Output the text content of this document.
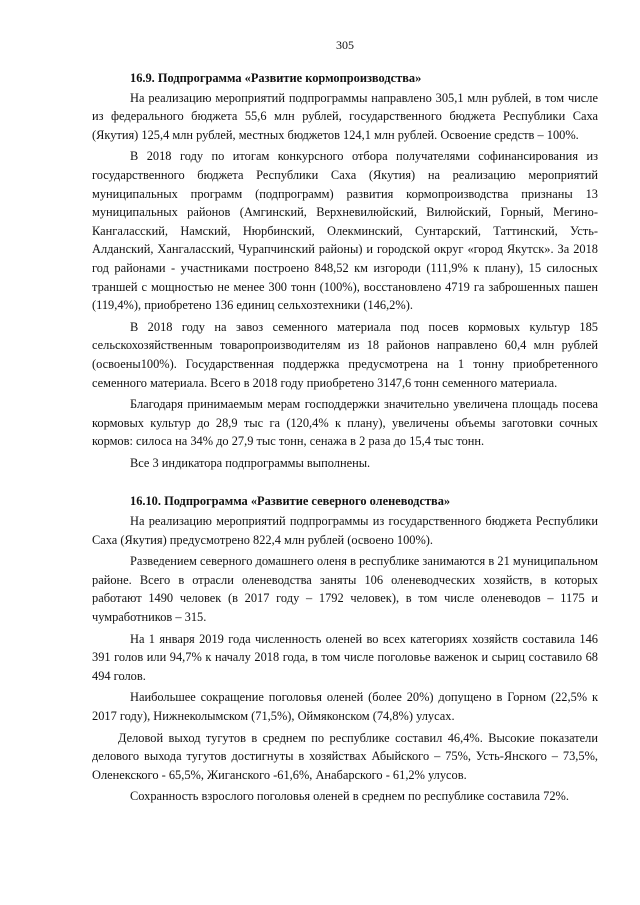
305
16.9. Подпрограмма «Развитие кормопроизводства»

На реализацию мероприятий подпрограммы направлено 305,1 млн рублей, в том числе из федерального бюджета 55,6 млн рублей, государственного бюджета Республики Саха (Якутия) 125,4 млн рублей, местных бюджетов 124,1 млн рублей. Освоение средств – 100%.

В 2018 году по итогам конкурсного отбора получателями софинансирования из государственного бюджета Республики Саха (Якутия) на реализацию мероприятий муниципальных программ (подпрограмм) развития кормопроизводства признаны 13 муниципальных районов (Амгинский, Верхневилюйский, Вилюйский, Горный, Мегино-Кангаласский, Намский, Нюрбинский, Олекминский, Сунтарский, Таттинский, Усть-Алданский, Хангаласский, Чурапчинский районы) и городской округ «город Якутск». За 2018 год районами - участниками построено 848,52 км изгороди (111,9% к плану), 15 силосных траншей с мощностью не менее 300 тонн (100%), восстановлено 4719 га заброшенных пашен (119,4%), приобретено 136 единиц сельхозтехники (146,2%).

В 2018 году на завоз семенного материала под посев кормовых культур 185 сельскохозяйственным товаропроизводителям из 18 районов направлено 60,4 млн рублей (освоены100%). Государственная поддержка предусмотрена на 1 тонну приобретенного семенного материала. Всего в 2018 году приобретено 3147,6 тонн семенного материала.

Благодаря принимаемым мерам господдержки значительно увеличена площадь посева кормовых культур до 28,9 тыс га (120,4% к плану), увеличены объемы заготовки сочных кормов: силоса на 34% до 27,9 тыс тонн, сенажа в 2 раза до 15,4 тыс тонн.

Все 3 индикатора подпрограммы выполнены.

16.10. Подпрограмма «Развитие северного оленеводства»

На реализацию мероприятий подпрограммы из государственного бюджета Республики Саха (Якутия) предусмотрено 822,4 млн рублей (освоено 100%).

Разведением северного домашнего оленя в республике занимаются в 21 муниципальном районе. Всего в отрасли оленеводства заняты 106 оленеводческих хозяйств, в которых работают 1490 человек (в 2017 году – 1792 человек), в том числе оленеводов – 1175 и чумработников – 315.

На 1 января 2019 года численность оленей во всех категориях хозяйств составила 146 391 голов или 94,7% к началу 2018 года, в том числе поголовье важенок и сыриц составило 68 494 голов.

Наибольшее сокращение поголовья оленей (более 20%) допущено в Горном (22,5% к 2017 году), Нижнеколымском (71,5%), Оймяконском (74,8%) улусах.

Деловой выход тугутов в среднем по республике составил 46,4%. Высокие показатели делового выхода тугутов достигнуты в хозяйствах Абыйского – 75%, Усть-Янского – 73,5%, Оленекского - 65,5%, Жиганского -61,6%, Анабарского - 61,2% улусов.

Сохранность взрослого поголовья оленей в среднем по республике составила 72%.
